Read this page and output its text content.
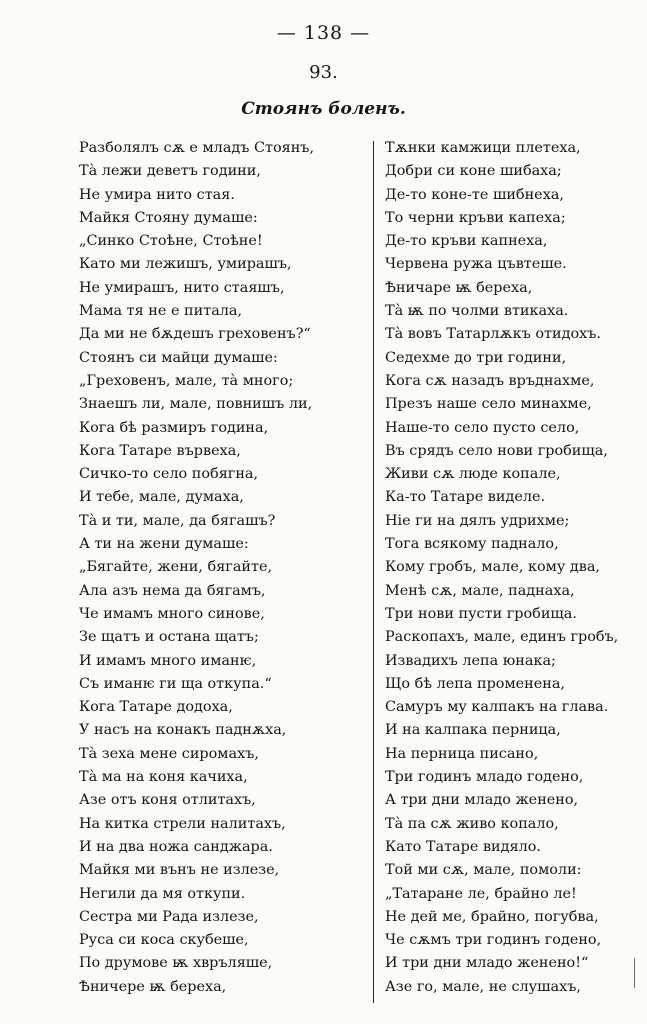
— 138 —
93.
Стоянъ боленъ.
Разболялъ сѫ е младъ Стоянъ,
Тà лежи деветъ години,
Не умира нито стая.
Майкя Стояну думаше:
„Синко Стоѣне, Стоѣне!
Като ми лежишъ, умирашъ,
Не умирашъ, нито стаяшъ,
Мама тя не е питала,
Да ми не бѫдешъ греховенъ?“
Стоянъ си майци думаше:
„Греховенъ, мале, тà много;
Знаешъ ли, мале, повнишъ ли,
Кога бѣ размиръ година,
Кога Татаре вървеха,
Сичко-то село побягна,
И тебе, мале, думаха,
Тà и ти, мале, да бягашъ?
А ти на жени думаше:
„Бягайте, жени, бягайте,
Ала азъ нема да бягамъ,
Че имамъ много синове,
Зе щатъ и остана щатъ;
И имамъ много иманѥ,
Съ иманѥ ги ща откупа.“
Кога Татаре додоха,
У насъ на конакъ паднѫха,
Тà зеха мене сиромахъ,
Тà ма на коня качиха,
Азе отъ коня отлитахъ,
На китка стрели налитахъ,
И на два ножа санджара.
Майкя ми вънъ не излезе,
Негили да мя откупи.
Сестра ми Рада излезе,
Руса си коса скубеше,
По друмове ѭ хвръляше,
Ѣничере ѭ береха,
Тѫнки камжици плетеха,
Добри си коне шибаха;
Де-то коне-те шибнеха,
То черни кръви капеха;
Де-то кръви капнеха,
Червена ружа цъвтеше.
Ѣничаре ѭ береха,
Тà ѭ по чолми втикаха.
Тà вовъ Татарлѫкъ отидохъ.
Седехме до три години,
Кога сѫ назадъ връднахме,
Презъ наше село минахме,
Наше-то село пусто село,
Въ срядъ село нови гробища,
Живи сѫ люде копале,
Ка-то Татаре виделе.
Ніе ги на дялъ удрихме;
Тога всякому паднало,
Кому гробъ, мале, кому два,
Менѣ сѫ, мале, паднаха,
Три нови пусти гробища.
Раскопахъ, мале, единъ гробъ,
Извадихъ лепа юнака;
Що бѣ лепа променена,
Самуръ му калпакъ на глава.
И на калпака перница,
На перница писано,
Три годинъ младо годено,
А три дни младо женено,
Тà па сѫ живо копало,
Като Татаре видяло.
Той ми сѫ, мале, помоли:
„Татаране ле, брайно ле!
Не дей ме, брайно, погубва,
Че сѫмъ три годинъ годено,
И три дни младо женено!“
Азе го, мале, не слушахъ,
